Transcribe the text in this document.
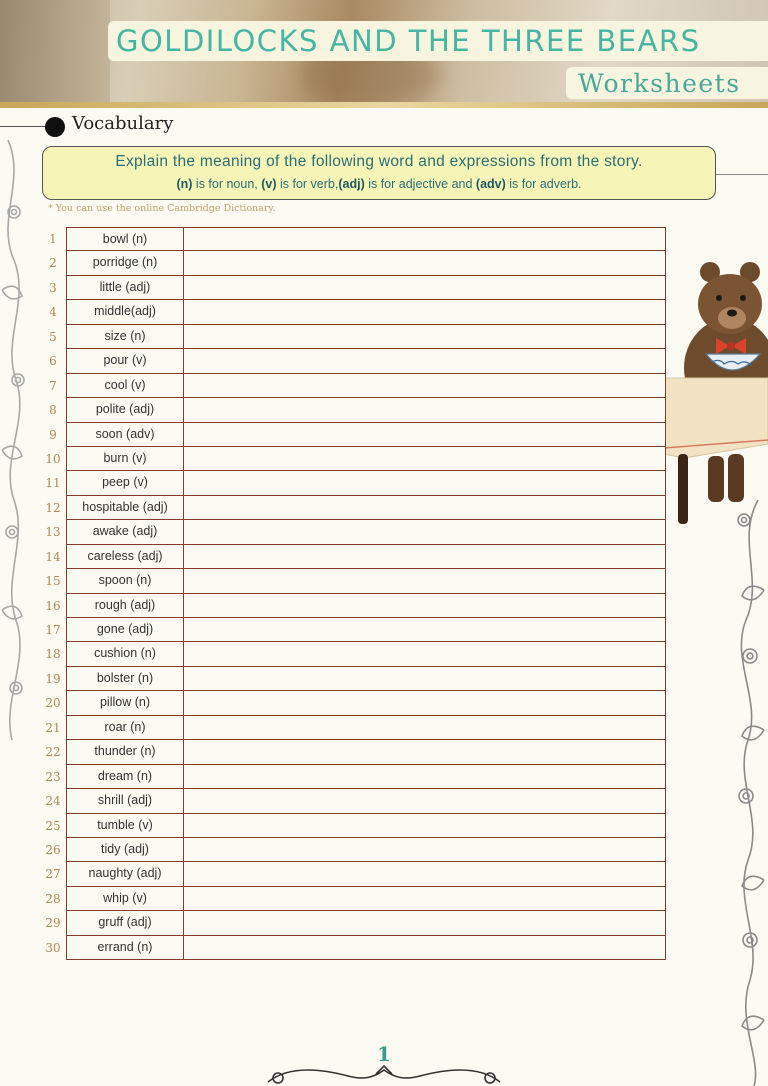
GOLDILOCKS AND THE THREE BEARS
Worksheets
Vocabulary
Explain the meaning of the following word and expressions from the story.
(n) is for noun, (v) is for verb,(adj) is for adjective and (adv) is for adverb.
* You can use the online Cambridge Dictionary.
1	bowl (n)
2	porridge (n)
3	little (adj)
4	middle(adj)
5	size (n)
6	pour (v)
7	cool (v)
8	polite (adj)
9	soon (adv)
10	burn (v)
11	peep (v)
12	hospitable (adj)
13	awake (adj)
14	careless (adj)
15	spoon (n)
16	rough (adj)
17	gone (adj)
18	cushion (n)
19	bolster (n)
20	pillow (n)
21	roar (n)
22	thunder (n)
23	dream (n)
24	shrill (adj)
25	tumble (v)
26	tidy (adj)
27	naughty (adj)
28	whip (v)
29	gruff (adj)
30	errand (n)
1
